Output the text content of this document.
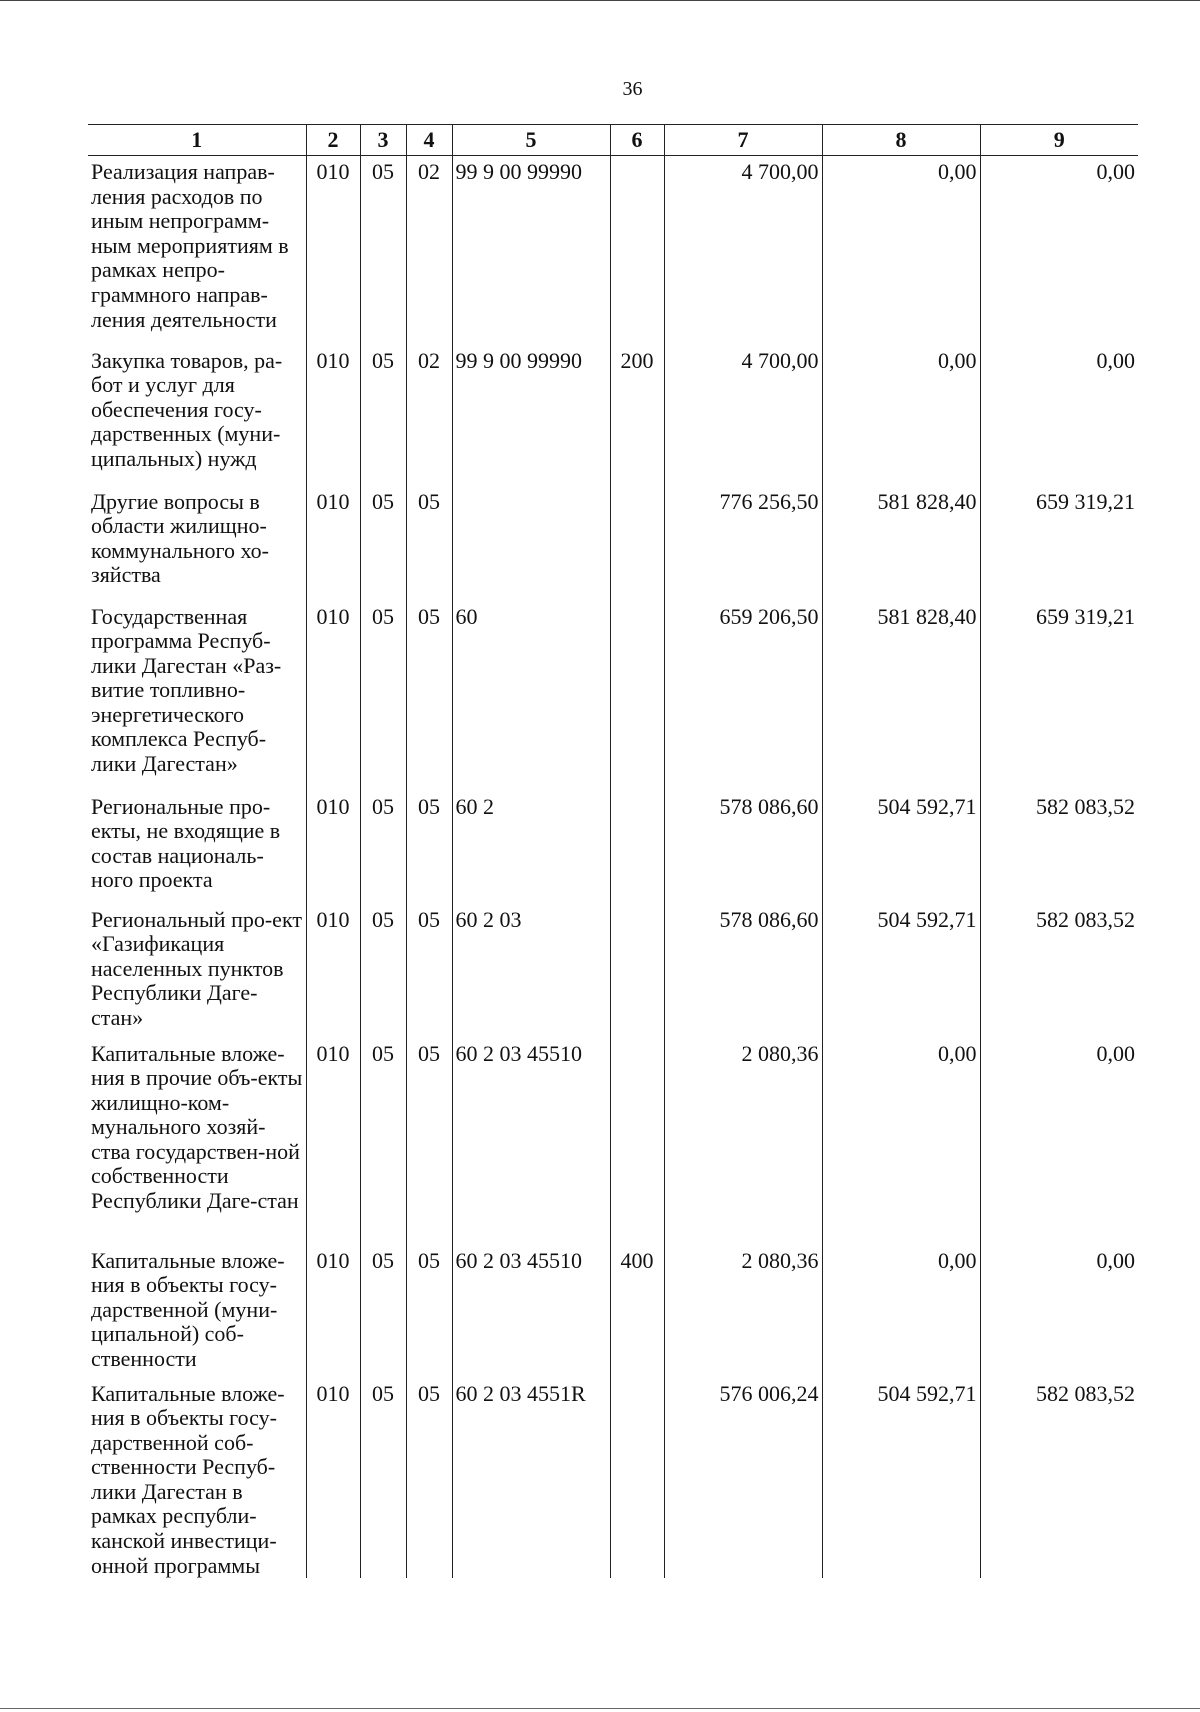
36
1	2	3	4	5	6	7	8	9
Реализация направ-ления расходов по иным непрограмм-ным мероприятиям в рамках непро-граммного направ-ления деятельности	010	05	02	99 9 00 99990		4 700,00	0,00	0,00
Закупка товаров, ра-бот и услуг для обеспечения госу-дарственных (муни-ципальных) нужд	010	05	02	99 9 00 99990	200	4 700,00	0,00	0,00
Другие вопросы в области жилищно-коммунального хо-зяйства	010	05	05			776 256,50	581 828,40	659 319,21
Государственная программа Респуб-лики Дагестан «Раз-витие топливно-энергетического комплекса Респуб-лики Дагестан»	010	05	05	60		659 206,50	581 828,40	659 319,21
Региональные про-екты, не входящие в состав националь-ного проекта	010	05	05	60 2		578 086,60	504 592,71	582 083,52
Региональный про-ект «Газификация населенных пунктов Республики Даге-стан»	010	05	05	60 2 03		578 086,60	504 592,71	582 083,52
Капитальные вложе-ния в прочие объ-екты жилищно-ком-мунального хозяй-ства государствен-ной собственности Республики Даге-стан	010	05	05	60 2 03 45510		2 080,36	0,00	0,00
Капитальные вложе-ния в объекты госу-дарственной (муни-ципальной) соб-ственности	010	05	05	60 2 03 45510	400	2 080,36	0,00	0,00
Капитальные вложе-ния в объекты госу-дарственной соб-ственности Респуб-лики Дагестан в рамках республи-канской инвестици-онной программы	010	05	05	60 2 03 4551R		576 006,24	504 592,71	582 083,52
